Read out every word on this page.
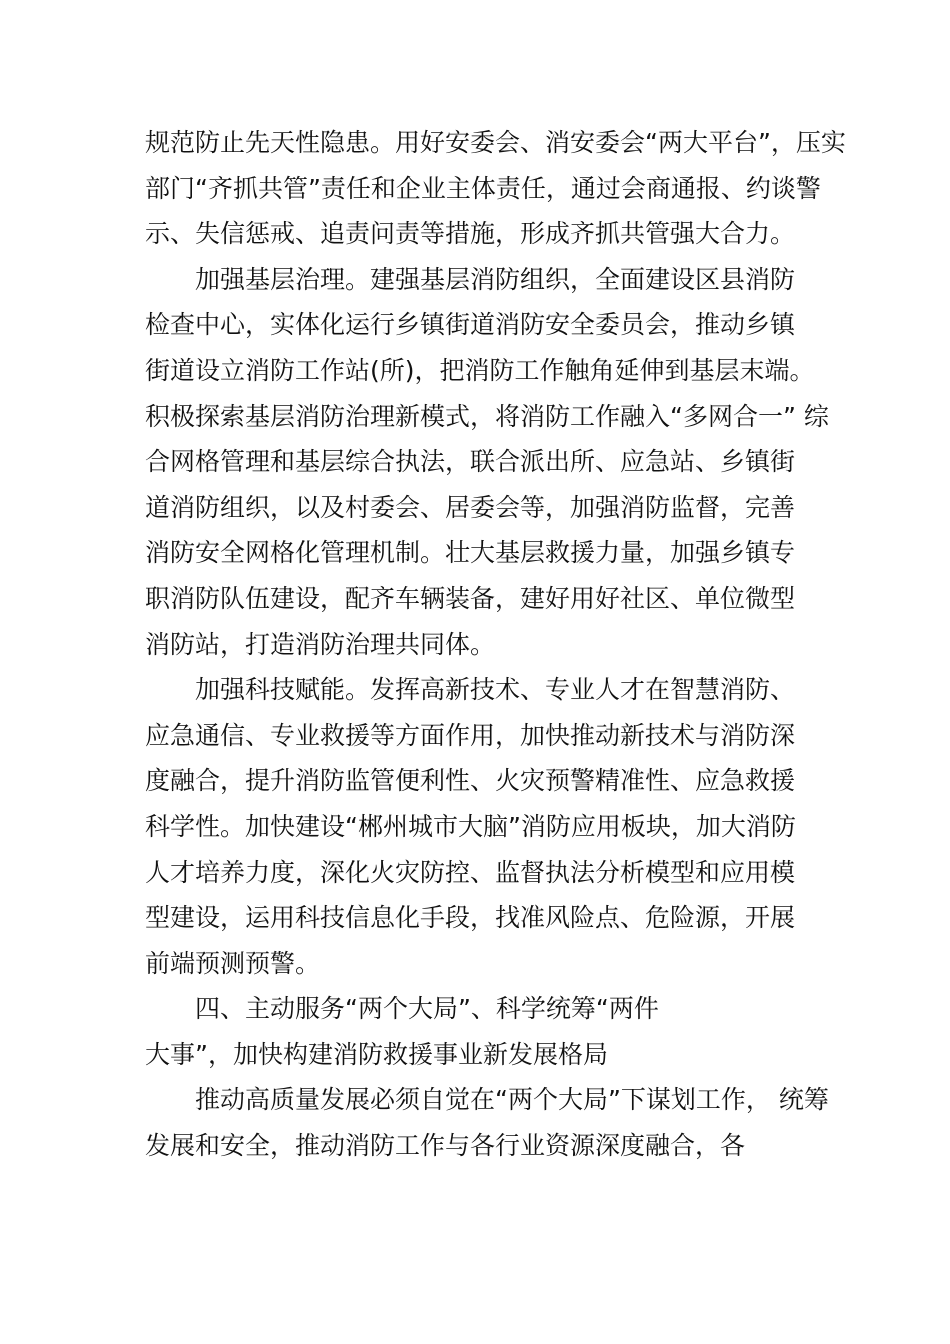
规范防止先天性隐患。用好安委会、消安委会“两大平台”，压实
部门“齐抓共管”责任和企业主体责任，通过会商通报、约谈警
示、失信惩戒、追责问责等措施，形成齐抓共管强大合力。
加强基层治理。建强基层消防组织，全面建设区县消防
检查中心，实体化运行乡镇街道消防安全委员会，推动乡镇
街道设立消防工作站(所)，把消防工作触角延伸到基层末端。
积极探索基层消防治理新模式，将消防工作融入“多网合一” 综
合网格管理和基层综合执法，联合派出所、应急站、乡镇街
道消防组织，以及村委会、居委会等，加强消防监督，完善
消防安全网格化管理机制。壮大基层救援力量，加强乡镇专
职消防队伍建设，配齐车辆装备，建好用好社区、单位微型
消防站，打造消防治理共同体。
加强科技赋能。发挥高新技术、专业人才在智慧消防、
应急通信、专业救援等方面作用，加快推动新技术与消防深
度融合，提升消防监管便利性、火灾预警精准性、应急救援
科学性。加快建设“郴州城市大脑”消防应用板块，加大消防
人才培养力度，深化火灾防控、监督执法分析模型和应用模
型建设，运用科技信息化手段，找准风险点、危险源，开展
前端预测预警。
四、主动服务“两个大局”、科学统筹“两件
大事”，加快构建消防救援事业新发展格局
推动高质量发展必须自觉在“两个大局”下谋划工作， 统筹
发展和安全，推动消防工作与各行业资源深度融合，各
